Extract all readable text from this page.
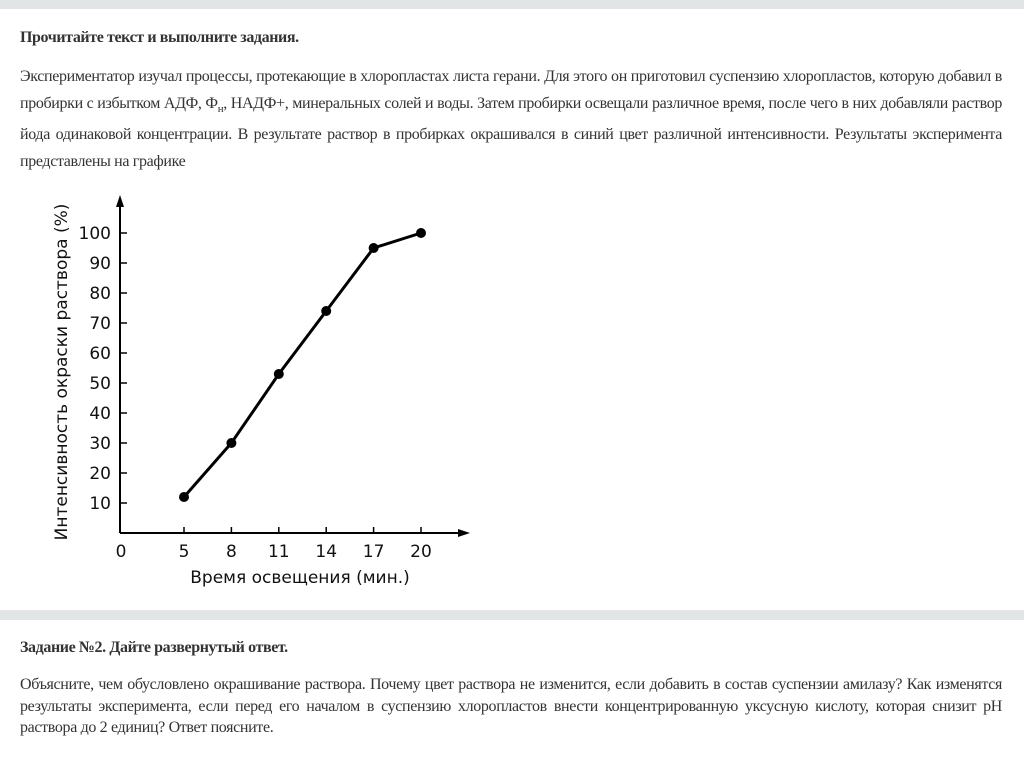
Прочитайте текст и выполните задания.
Экспериментатор изучал процессы, протекающие в хлоропластах листа герани. Для этого он приготовил суспензию хлоропластов, которую добавил в пробирки с избытком АДФ, $Ф_н$, НАДФ+, минеральных солей и воды. Затем пробирки освещали различное время, после чего в них добавляли раствор йода одинаковой концентрации. В результате раствор в пробирках окрашивался в синий цвет различной интенсивности. Результаты эксперимента представлены на графике
10
20
30
40
50
60
70
80
90
100
5 8 11 14 17 20
0
Время освещения (мин.)
Интенсивность окраски раствора (%)
Задание №2. Дайте развернутый ответ.
Объясните, чем обусловлено окрашивание раствора. Почему цвет раствора не изменится, если добавить в состав суспензии амилазу? Как изменятся результаты эксперимента, если перед его началом в суспензию хлоропластов внести концентрированную уксусную кислоту, которая снизит pH раствора до 2 единиц? Ответ поясните.
